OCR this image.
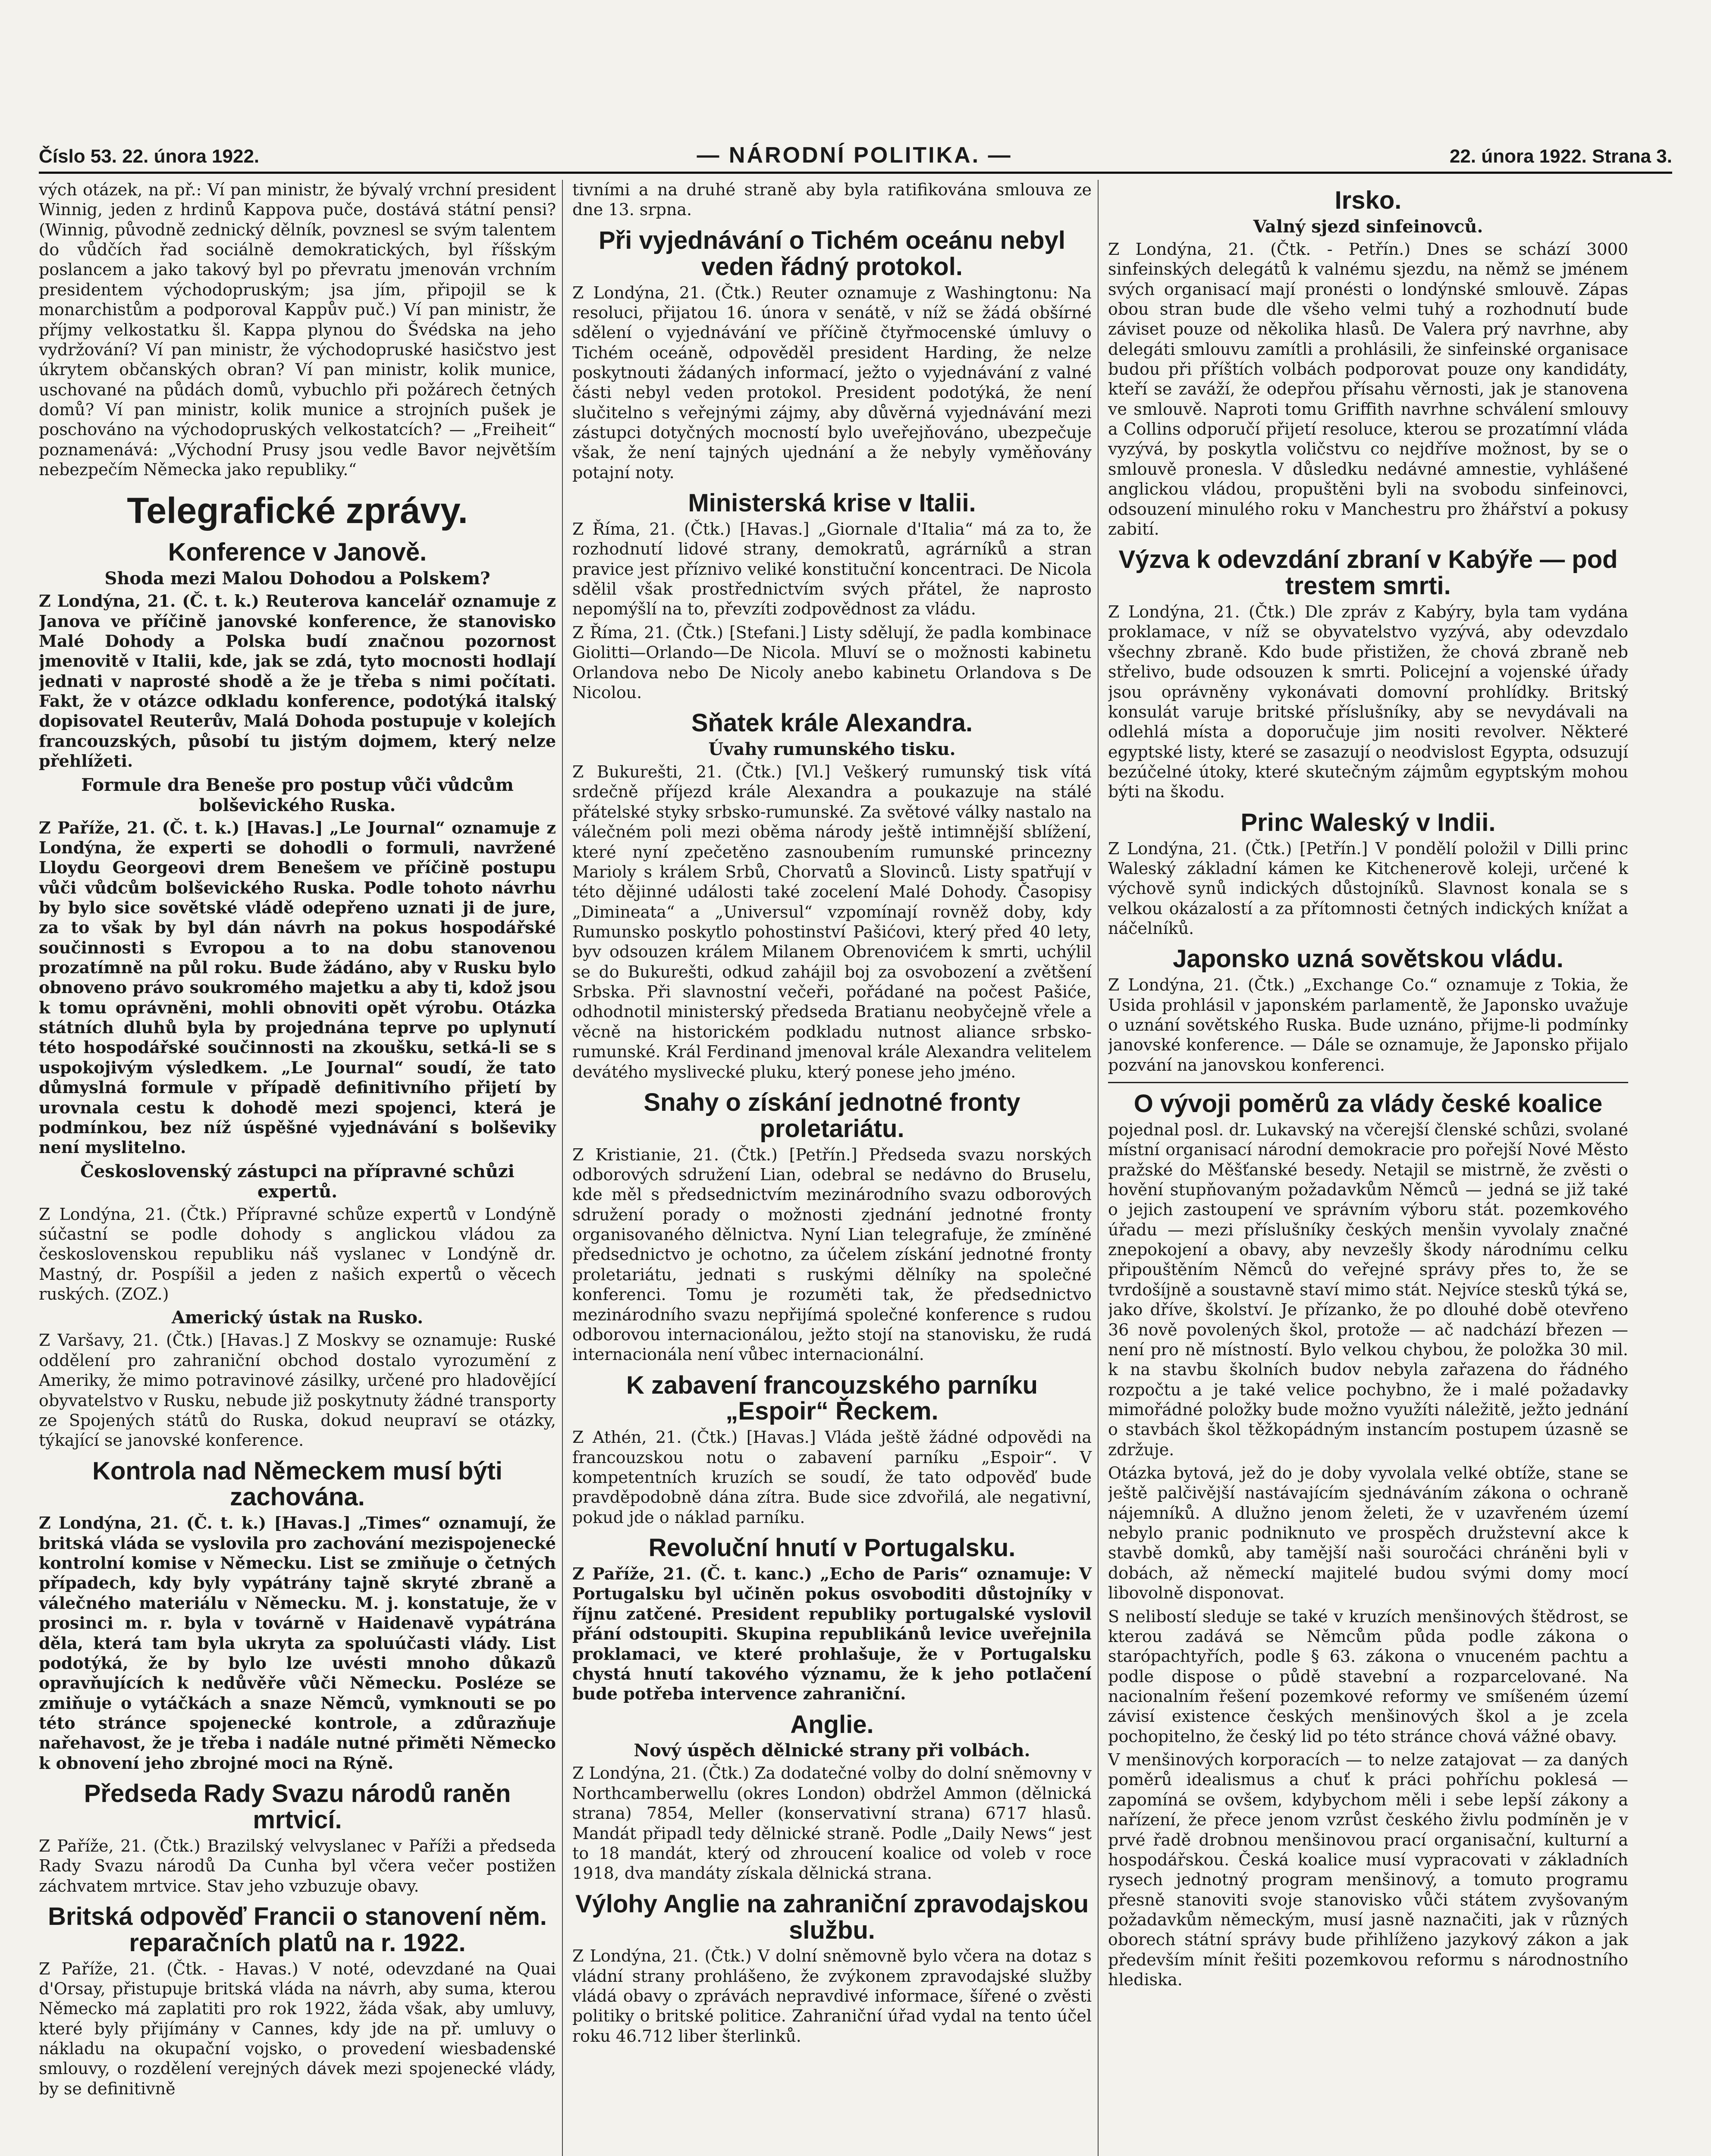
Číslo 53. 22. února 1922.	— NÁRODNÍ POLITIKA. —	22. února 1922. Strana 3.

vých otázek, na př.: Ví pan ministr, že bývalý vrchní president Winnig, jeden z hrdinů Kappova puče, dostává státní pensi? (Winnig, původně zednický dělník, povznesl se svým talentem do vůdčích řad sociálně demokratických, byl říšským poslancem a jako takový byl po převratu jmenován vrchním presidentem východopruským; jsa jím, připojil se k monarchistům a podporoval Kappův puč.) Ví pan ministr, že příjmy velkostatku šl. Kappa plynou do Švédska na jeho vydržování? Ví pan ministr, že východopruské hasičstvo jest úkrytem občanských obran? Ví pan ministr, kolik munice, uschované na půdách domů, vybuchlo při požárech četných domů? Ví pan ministr, kolik munice a strojních pušek je poschováno na východopruských velkostatcích? — „Freiheit“ poznamenává: „Východní Prusy jsou vedle Bavor největším nebezpečím Německa jako republiky.“

Telegrafické zprávy.
Konference v Janově.
Shoda mezi Malou Dohodou a Polskem?

Z Londýna, 21. (Č. t. k.) Reuterova kancelář oznamuje z Janova ve příčině janovské konference, že stanovisko Malé Dohody a Polska budí značnou pozornost jmenovitě v Italii, kde, jak se zdá, tyto mocnosti hodlají jednati v naprosté shodě a že je třeba s nimi počítati. Fakt, že v otázce odkladu konference, podotýká italský dopisovatel Reuterův, Malá Dohoda postupuje v kolejích francouzských, působí tu jistým dojmem, který nelze přehlížeti.

Formule dra Beneše pro postup vůči vůdcům bolševického Ruska.

Z Paříže, 21. (Č. t. k.) [Havas.] „Le Journal“ oznamuje z Londýna, že experti se dohodli o formuli, navržené Lloydu Georgeovi drem Benešem ve příčině postupu vůči vůdcům bolševického Ruska. Podle tohoto návrhu by bylo sice sovětské vládě odepřeno uznati ji de jure, za to však by byl dán návrh na pokus hospodářské součinnosti s Evropou a to na dobu stanovenou prozatímně na půl roku. Bude žádáno, aby v Rusku bylo obnoveno právo soukromého majetku a aby ti, kdož jsou k tomu oprávněni, mohli obnoviti opět výrobu. Otázka státních dluhů byla by projednána teprve po uplynutí této hospodářské součinnosti na zkoušku, setká-li se s uspokojivým výsledkem. „Le Journal“ soudí, že tato důmyslná formule v případě definitivního přijetí by urovnala cestu k dohodě mezi spojenci, která je podmínkou, bez níž úspěšné vyjednávání s bolševiky není myslitelno.

Československý zástupci na přípravné schůzi expertů.

Z Londýna, 21. (Čtk.) Přípravné schůze expertů v Londýně súčastní se podle dohody s anglickou vládou za československou republiku náš vyslanec v Londýně dr. Mastný, dr. Pospíšil a jeden z našich expertů o věcech ruských. (ZOZ.)

Americký ústak na Rusko.

Z Varšavy, 21. (Čtk.) [Havas.] Z Moskvy se oznamuje: Ruské oddělení pro zahraniční obchod dostalo vyrozumění z Ameriky, že mimo potravinové zásilky, určené pro hladovějící obyvatelstvo v Rusku, nebude již poskytnuty žádné transporty ze Spojených států do Ruska, dokud neupraví se otázky, týkající se janovské konference.

Kontrola nad Německem musí býti zachována.

Z Londýna, 21. (Č. t. k.) [Havas.] „Times“ oznamují, že britská vláda se vyslovila pro zachování mezispojenecké kontrolní komise v Německu. List se zmiňuje o četných případech, kdy byly vypátrány tajně skryté zbraně a válečného materiálu v Německu. M. j. konstatuje, že v prosinci m. r. byla v továrně v Haidenavě vypátrána děla, která tam byla ukryta za spoluúčasti vlády. List podotýká, že by bylo lze uvésti mnoho důkazů opravňujících k nedůvěře vůči Německu. Posléze se zmiňuje o vytáčkách a snaze Němců, vymknouti se po této stránce spojenecké kontrole, a zdůrazňuje nařehavost, že je třeba i nadále nutné přiměti Německo k obnovení jeho zbrojné moci na Rýně.

Předseda Rady Svazu národů raněn mrtvicí.

Z Paříže, 21. (Čtk.) Brazilský velvyslanec v Paříži a předseda Rady Svazu národů Da Cunha byl včera večer postižen záchvatem mrtvice. Stav jeho vzbuzuje obavy.

Britská odpověď Francii o stanovení něm. reparačních platů na r. 1922.

Z Paříže, 21. (Čtk. - Havas.) V noté, odevzdané na Quai d'Orsay, přistupuje britská vláda na návrh, aby suma, kterou Německo má zaplatiti pro rok 1922, žáda však, aby umluvy, které byly přijímány v Cannes, kdy jde na př. umluvy o nákladu na okupační vojsko, o provedení wiesbadenské smlouvy, o rozdělení verejných dávek mezi spojenecké vlády, by se definitivně

tivními a na druhé straně aby byla ratifikována smlouva ze dne 13. srpna.

Při vyjednávání o Tichém oceánu nebyl veden řádný protokol.

Z Londýna, 21. (Čtk.) Reuter oznamuje z Washingtonu: Na resoluci, přijatou 16. února v senátě, v níž se žádá obšírné sdělení o vyjednávání ve příčině čtyřmocenské úmluvy o Tichém oceáně, odpověděl president Harding, že nelze poskytnouti žádaných informací, ježto o vyjednávání z valné části nebyl veden protokol. President podotýká, že není slučitelno s veřejnými zájmy, aby důvěrná vyjednávání mezi zástupci dotyčných mocností bylo uveřejňováno, ubezpečuje však, že není tajných ujednání a že nebyly vyměňovány potajní noty.

Ministerská krise v Italii.

Z Říma, 21. (Čtk.) [Havas.] „Giornale d'Italia“ má za to, že rozhodnutí lidové strany, demokratů, agrárníků a stran pravice jest příznivo veliké konstituční koncentraci. De Nicola sdělil však prostřednictvím svých přátel, že naprosto nepomýšlí na to, převzíti zodpovědnost za vládu.

Z Říma, 21. (Čtk.) [Stefani.] Listy sdělují, že padla kombinace Giolitti—Orlando—De Nicola. Mluví se o možnosti kabinetu Orlandova nebo De Nicoly anebo kabinetu Orlandova s De Nicolou.

Sňatek krále Alexandra.
Úvahy rumunského tisku.

Z Bukurešti, 21. (Čtk.) [Vl.] Veškerý rumunský tisk vítá srdečně příjezd krále Alexandra a poukazuje na stálé přátelské styky srbsko-rumunské. Za světové války nastalo na válečném poli mezi oběma národy ještě intimnější sblížení, které nyní zpečetěno zasnoubením rumunské princezny Marioly s králem Srbů, Chorvatů a Slovinců. Listy spatřují v této dějinné události také zocelení Malé Dohody. Časopisy „Dimineata“ a „Universul“ vzpomínají rovněž doby, kdy Rumunsko poskytlo pohostinství Pašićovi, který před 40 lety, byv odsouzen králem Milanem Obrenovićem k smrti, uchýlil se do Bukurešti, odkud zahájil boj za osvobození a zvětšení Srbska. Při slavnostní večeři, pořádané na počest Pašiće, odhodnotil ministerský předseda Bratianu neobyčejně vřele a věcně na historickém podkladu nutnost aliance srbsko-rumunské. Král Ferdinand jmenoval krále Alexandra velitelem devátého myslivecké pluku, který ponese jeho jméno.

Snahy o získání jednotné fronty proletariátu.

Z Kristianie, 21. (Čtk.) [Petřín.] Předseda svazu norských odborových sdružení Lian, odebral se nedávno do Bruselu, kde měl s předsednictvím mezinárodního svazu odborových sdružení porady o možnosti zjednání jednotné fronty organisovaného dělnictva. Nyní Lian telegrafuje, že zmíněné předsednictvo je ochotno, za účelem získání jednotné fronty proletariátu, jednati s ruskými dělníky na společné konferenci. Tomu je rozuměti tak, že předsednictvo mezinárodního svazu nepřijímá společné konference s rudou odborovou internacionálou, ježto stojí na stanovisku, že rudá internacionála není vůbec internacionální.

K zabavení francouzského parníku „Espoir“ Řeckem.

Z Athén, 21. (Čtk.) [Havas.] Vláda ještě žádné odpovědi na francouzskou notu o zabavení parníku „Espoir“. V kompetentních kruzích se soudí, že tato odpověď bude pravděpodobně dána zítra. Bude sice zdvořilá, ale negativní, pokud jde o náklad parníku.

Revoluční hnutí v Portugalsku.

Z Paříže, 21. (Č. t. kanc.) „Echo de Paris“ oznamuje: V Portugalsku byl učiněn pokus osvoboditi důstojníky v říjnu zatčené. President republiky portugalské vyslovil přání odstoupiti. Skupina republikánů levice uveřejnila proklamaci, ve které prohlašuje, že v Portugalsku chystá hnutí takového významu, že k jeho potlačení bude potřeba intervence zahraniční.

Anglie.
Nový úspěch dělnické strany při volbách.

Z Londýna, 21. (Čtk.) Za dodatečné volby do dolní sněmovny v Northcamberwellu (okres London) obdržel Ammon (dělnická strana) 7854, Meller (konservativní strana) 6717 hlasů. Mandát připadl tedy dělnické straně. Podle „Daily News“ jest to 18 mandát, který od zhroucení koalice od voleb v roce 1918, dva mandáty získala dělnická strana.

Výlohy Anglie na zahraniční zpravodajskou službu.

Z Londýna, 21. (Čtk.) V dolní sněmovně bylo včera na dotaz s vládní strany prohlášeno, že zvýkonem zpravodajské služby vládá obavy o zprávách nepravdivé informace, šířené o zvěsti politiky o britské politice. Zahraniční úřad vydal na tento účel roku 46.712 liber šterlinků.

Irsko.
Valný sjezd sinfeinovců.

Z Londýna, 21. (Čtk. - Petřín.) Dnes se schází 3000 sinfeinských delegátů k valnému sjezdu, na němž se jménem svých organisací mají pronésti o londýnské smlouvě. Zápas obou stran bude dle všeho velmi tuhý a rozhodnutí bude záviset pouze od několika hlasů. De Valera prý navrhne, aby delegáti smlouvu zamítli a prohlásili, že sinfeinské organisace budou při příštích volbách podporovat pouze ony kandidáty, kteří se zaváží, že odepřou přísahu věrnosti, jak je stanovena ve smlouvě. Naproti tomu Griffith navrhne schválení smlouvy a Collins odporučí přijetí resoluce, kterou se prozatímní vláda vyzývá, by poskytla voličstvu co nejdříve možnost, by se o smlouvě pronesla. V důsledku nedávné amnestie, vyhlášené anglickou vládou, propuštěni byli na svobodu sinfeinovci, odsouzení minulého roku v Manchestru pro žhářství a pokusy zabití.

Výzva k odevzdání zbraní v Kabýře — pod trestem smrti.

Z Londýna, 21. (Čtk.) Dle zpráv z Kabýry, byla tam vydána proklamace, v níž se obyvatelstvo vyzývá, aby odevzdalo všechny zbraně. Kdo bude přistižen, že chová zbraně neb střelivo, bude odsouzen k smrti. Policejní a vojenské úřady jsou oprávněny vykonávati domovní prohlídky. Britský konsulát varuje britské příslušníky, aby se nevydávali na odlehlá místa a doporučuje jim nositi revolver. Některé egyptské listy, které se zasazují o neodvislost Egypta, odsuzují bezúčelné útoky, které skutečným zájmům egyptským mohou býti na škodu.

Princ Waleský v Indii.

Z Londýna, 21. (Čtk.) [Petřín.] V pondělí položil v Dilli princ Waleský základní kámen ke Kitchenerově koleji, určené k výchově synů indických důstojníků. Slavnost konala se s velkou okázalostí a za přítomnosti četných indických knížat a náčelníků.

Japonsko uzná sovětskou vládu.

Z Londýna, 21. (Čtk.) „Exchange Co.“ oznamuje z Tokia, že Usida prohlásil v japonském parlamentě, že Japonsko uvažuje o uznání sovětského Ruska. Bude uznáno, přijme-li podmínky janovské konference. — Dále se oznamuje, že Japonsko přijalo pozvání na janovskou konferenci.

O vývoji poměrů za vlády české koalice

pojednal posl. dr. Lukavský na včerejší členské schůzi, svolané místní organisací národní demokracie pro pořejší Nové Město pražské do Měšťanské besedy. Netajil se mistrně, že zvěsti o hovění stupňovaným požadavkům Němců — jedná se již také o jejich zastoupení ve správním výboru stát. pozemkového úřadu — mezi příslušníky českých menšin vyvolaly značné znepokojení a obavy, aby nevzešly škody národnímu celku připouštěním Němců do veřejné správy přes to, že se tvrdošíjně a soustavně staví mimo stát. Nejvíce stesků týká se, jako dříve, školství. Je přízanko, že po dlouhé době otevřeno 36 nově povolených škol, protože — ač nadchází březen — není pro ně místností. Bylo velkou chybou, že položka 30 mil. k na stavbu školních budov nebyla zařazena do řádného rozpočtu a je také velice pochybno, že i malé požadavky mimořádné položky bude možno využíti náležitě, ježto jednání o stavbách škol těžkopádným instancím postupem úzasně se zdržuje.

Otázka bytová, jež do je doby vyvolala velké obtíže, stane se ještě palčivější nastávajícím sjednáváním zákona o ochraně nájemníků. A dlužno jenom želeti, že v uzavřeném území nebylo pranic podniknuto ve prospěch družstevní akce k stavbě domků, aby tamější naši souročáci chráněni byli v dobách, až německí majitelé budou svými domy mocí libovolně disponovat.

S nelibostí sleduje se také v kruzích menšinových štědrost, se kterou zadává se Němcům půda podle zákona o starópachtyřích, podle § 63. zákona o vnuceném pachtu a podle dispose o půdě stavební a rozparcelované. Na nacionalním řešení pozemkové reformy ve smíšeném území závisí existence českých menšinových škol a je zcela pochopitelno, že český lid po této stránce chová vážné obavy.

V menšinových korporacích — to nelze zatajovat — za daných poměrů idealismus a chuť k práci pohříchu poklesá — zapomíná se ovšem, kdybychom měli i sebe lepší zákony a nařízení, že přece jenom vzrůst českého živlu podmíněn je v prvé řadě drobnou menšinovou prací organisační, kulturní a hospodářskou. Česká koalice musí vypracovati v základních rysech jednotný program menšinový, a tomuto programu přesně stanoviti svoje stanovisko vůči státem zvyšovaným požadavkům německým, musí jasně naznačiti, jak v různých oborech státní správy bude přihlíženo jazykový zákon a jak především mínit řešiti pozemkovou reformu s národnostního hlediska.
